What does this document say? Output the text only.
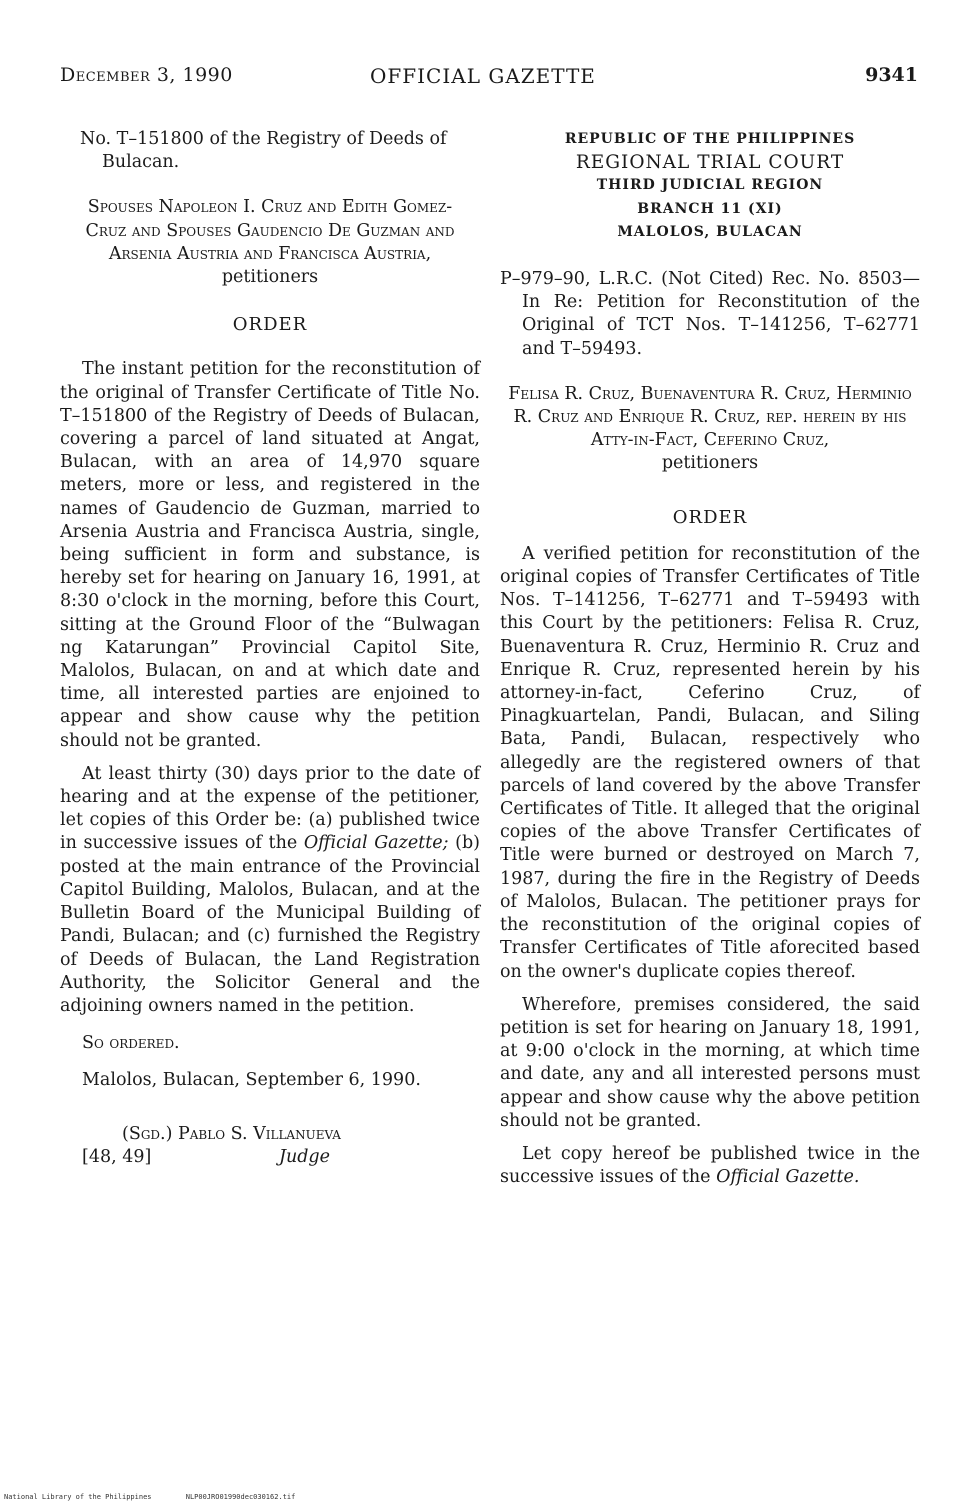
December 3, 1990	OFFICIAL GAZETTE	9341

No. T–151800 of the Registry of Deeds of Bulacan.

Spouses Napoleon I. Cruz and Edith Gomez-Cruz and Spouses Gaudencio De Guzman and Arsenia Austria and Francisca Austria,

petitioners

ORDER

The instant petition for the reconstitution of the original of Transfer Certificate of Title No. T–151800 of the Registry of Deeds of Bulacan, covering a parcel of land situated at Angat, Bulacan, with an area of 14,970 square meters, more or less, and registered in the names of Gaudencio de Guzman, married to Arsenia Austria and Francisca Austria, single, being sufficient in form and substance, is hereby set for hearing on January 16, 1991, at 8:30 o'clock in the morning, before this Court, sitting at the Ground Floor of the “Bulwagan ng Katarungan” Provincial Capitol Site, Malolos, Bulacan, on and at which date and time, all interested parties are enjoined to appear and show cause why the petition should not be granted.

At least thirty (30) days prior to the date of hearing and at the expense of the petitioner, let copies of this Order be: (a) published twice in successive issues of the Official Gazette; (b) posted at the main entrance of the Provincial Capitol Building, Malolos, Bulacan, and at the Bulletin Board of the Municipal Building of Pandi, Bulacan; and (c) furnished the Registry of Deeds of Bulacan, the Land Registration Authority, the Solicitor General and the adjoining owners named in the petition.

So ordered.

Malolos, Bulacan, September 6, 1990.

(Sgd.) Pablo S. Villanueva

[48, 49]	Judge

REPUBLIC OF THE PHILIPPINES

REGIONAL TRIAL COURT

THIRD JUDICIAL REGION

BRANCH 11 (XI)

MALOLOS, BULACAN

P–979–90, L.R.C. (Not Cited) Rec. No. 8503—In Re: Petition for Reconstitution of the Original of TCT Nos. T–141256, T–62771 and T–59493.

Felisa R. Cruz, Buenaventura R. Cruz, Herminio R. Cruz and Enrique R. Cruz, rep. herein by his Atty-in-Fact, Ceferino Cruz,

petitioners

ORDER

A verified petition for reconstitution of the original copies of Transfer Certificates of Title Nos. T–141256, T–62771 and T–59493 with this Court by the petitioners: Felisa R. Cruz, Buenaventura R. Cruz, Herminio R. Cruz and Enrique R. Cruz, represented herein by his attorney-in-fact, Ceferino Cruz, of Pinagkuartelan, Pandi, Bulacan, and Siling Bata, Pandi, Bulacan, respectively who allegedly are the registered owners of that parcels of land covered by the above Transfer Certificates of Title. It alleged that the original copies of the above Transfer Certificates of Title were burned or destroyed on March 7, 1987, during the fire in the Registry of Deeds of Malolos, Bulacan. The petitioner prays for the reconstitution of the original copies of Transfer Certificates of Title aforecited based on the owner's duplicate copies thereof.

Wherefore, premises considered, the said petition is set for hearing on January 18, 1991, at 9:00 o'clock in the morning, at which time and date, any and all interested persons must appear and show cause why the above petition should not be granted.

Let copy hereof be published twice in the successive issues of the Official Gazette.

National Library of the Philippines	NLP00JRO01990dec030162.tif
